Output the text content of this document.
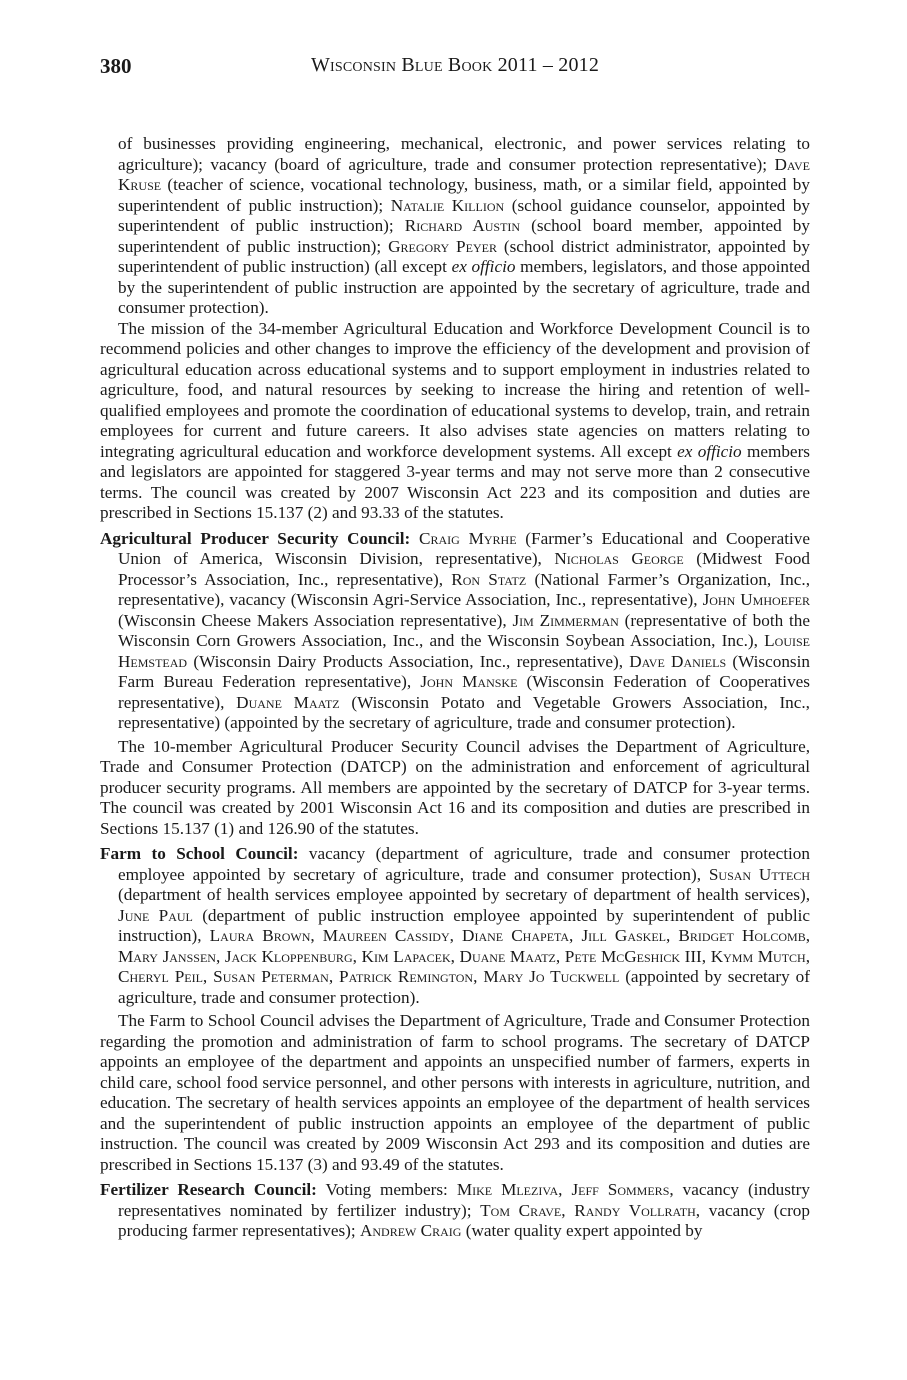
380	Wisconsin Blue Book 2011 – 2012

of businesses providing engineering, mechanical, electronic, and power services relating to agriculture); vacancy (board of agriculture, trade and consumer protection representative); Dave Kruse (teacher of science, vocational technology, business, math, or a similar field, appointed by superintendent of public instruction); Natalie Killion (school guidance counselor, appointed by superintendent of public instruction); Richard Austin (school board member, appointed by superintendent of public instruction); Gregory Peyer (school district administrator, appointed by superintendent of public instruction) (all except ex officio members, legislators, and those appointed by the superintendent of public instruction are appointed by the secretary of agriculture, trade and consumer protection).

The mission of the 34-member Agricultural Education and Workforce Development Council is to recommend policies and other changes to improve the efficiency of the development and provision of agricultural education across educational systems and to support employment in industries related to agriculture, food, and natural resources by seeking to increase the hiring and retention of well-qualified employees and promote the coordination of educational systems to develop, train, and retrain employees for current and future careers. It also advises state agencies on matters relating to integrating agricultural education and workforce development systems. All except ex officio members and legislators are appointed for staggered 3-year terms and may not serve more than 2 consecutive terms. The council was created by 2007 Wisconsin Act 223 and its composition and duties are prescribed in Sections 15.137 (2) and 93.33 of the statutes.

Agricultural Producer Security Council: Craig Myrhe (Farmer’s Educational and Cooperative Union of America, Wisconsin Division, representative), Nicholas George (Midwest Food Processor’s Association, Inc., representative), Ron Statz (National Farmer’s Organization, Inc., representative), vacancy (Wisconsin Agri-Service Association, Inc., representative), John Umhoefer (Wisconsin Cheese Makers Association representative), Jim Zimmerman (representative of both the Wisconsin Corn Growers Association, Inc., and the Wisconsin Soybean Association, Inc.), Louise Hemstead (Wisconsin Dairy Products Association, Inc., representative), Dave Daniels (Wisconsin Farm Bureau Federation representative), John Manske (Wisconsin Federation of Cooperatives representative), Duane Maatz (Wisconsin Potato and Vegetable Growers Association, Inc., representative) (appointed by the secretary of agriculture, trade and consumer protection).

The 10-member Agricultural Producer Security Council advises the Department of Agriculture, Trade and Consumer Protection (DATCP) on the administration and enforcement of agricultural producer security programs. All members are appointed by the secretary of DATCP for 3-year terms. The council was created by 2001 Wisconsin Act 16 and its composition and duties are prescribed in Sections 15.137 (1) and 126.90 of the statutes.

Farm to School Council: vacancy (department of agriculture, trade and consumer protection employee appointed by secretary of agriculture, trade and consumer protection), Susan Uttech (department of health services employee appointed by secretary of department of health services), June Paul (department of public instruction employee appointed by superintendent of public instruction), Laura Brown, Maureen Cassidy, Diane Chapeta, Jill Gaskel, Bridget Holcomb, Mary Janssen, Jack Kloppenburg, Kim Lapacek, Duane Maatz, Pete McGeshick III, Kymm Mutch, Cheryl Peil, Susan Peterman, Patrick Remington, Mary Jo Tuckwell (appointed by secretary of agriculture, trade and consumer protection).

The Farm to School Council advises the Department of Agriculture, Trade and Consumer Protection regarding the promotion and administration of farm to school programs. The secretary of DATCP appoints an employee of the department and appoints an unspecified number of farmers, experts in child care, school food service personnel, and other persons with interests in agriculture, nutrition, and education. The secretary of health services appoints an employee of the department of health services and the superintendent of public instruction appoints an employee of the department of public instruction. The council was created by 2009 Wisconsin Act 293 and its composition and duties are prescribed in Sections 15.137 (3) and 93.49 of the statutes.

Fertilizer Research Council: Voting members: Mike Mleziva, Jeff Sommers, vacancy (industry representatives nominated by fertilizer industry); Tom Crave, Randy Vollrath, vacancy (crop producing farmer representatives); Andrew Craig (water quality expert appointed by
